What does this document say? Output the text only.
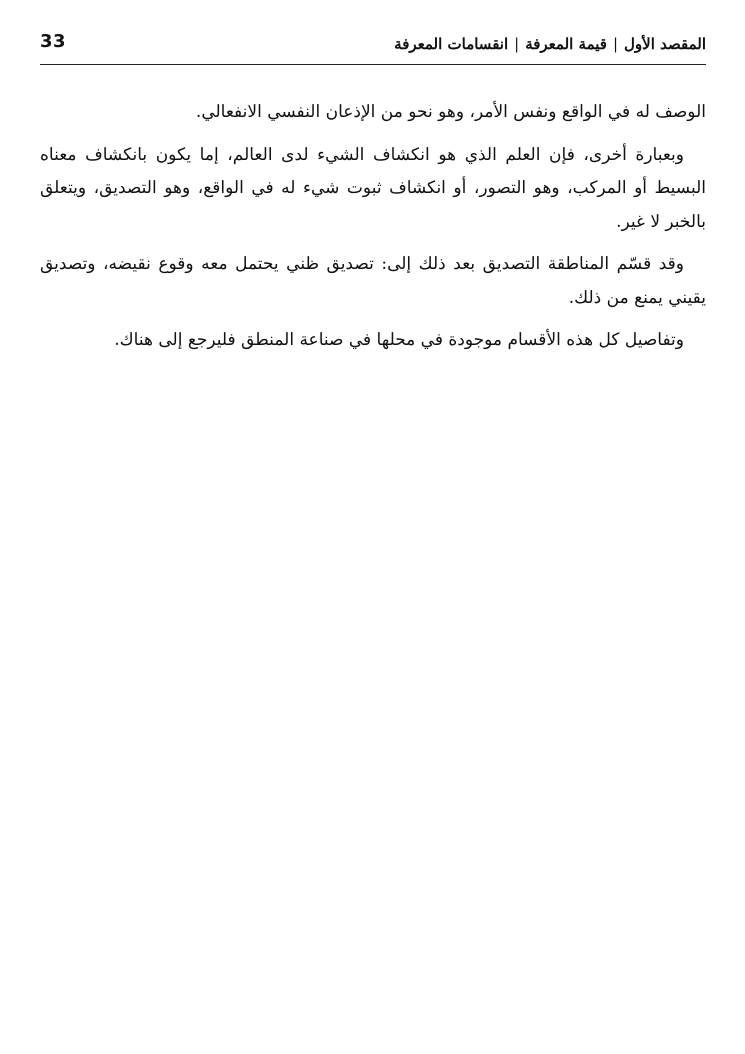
33	المقصد الأول
|
قيمة المعرفة
|
انقسامات المعرفة

الوصف له في الواقع ونفس الأمر، وهو نحو من الإذعان النفسي الانفعالي.

وبعبارة أخرى، فإن العلم الذي هو انكشاف الشيء لدى العالم، إما يكون بانكشاف معناه البسيط أو المركب، وهو التصور، أو انكشاف ثبوت شيء له في الواقع، وهو التصديق، ويتعلق بالخبر لا غير.

وقد قسّم المناطقة التصديق بعد ذلك إلى: تصديق ظني يحتمل معه وقوع نقيضه، وتصديق يقيني يمنع من ذلك.

وتفاصيل كل هذه الأقسام موجودة في محلها في صناعة المنطق فليرجع إلى هناك.
